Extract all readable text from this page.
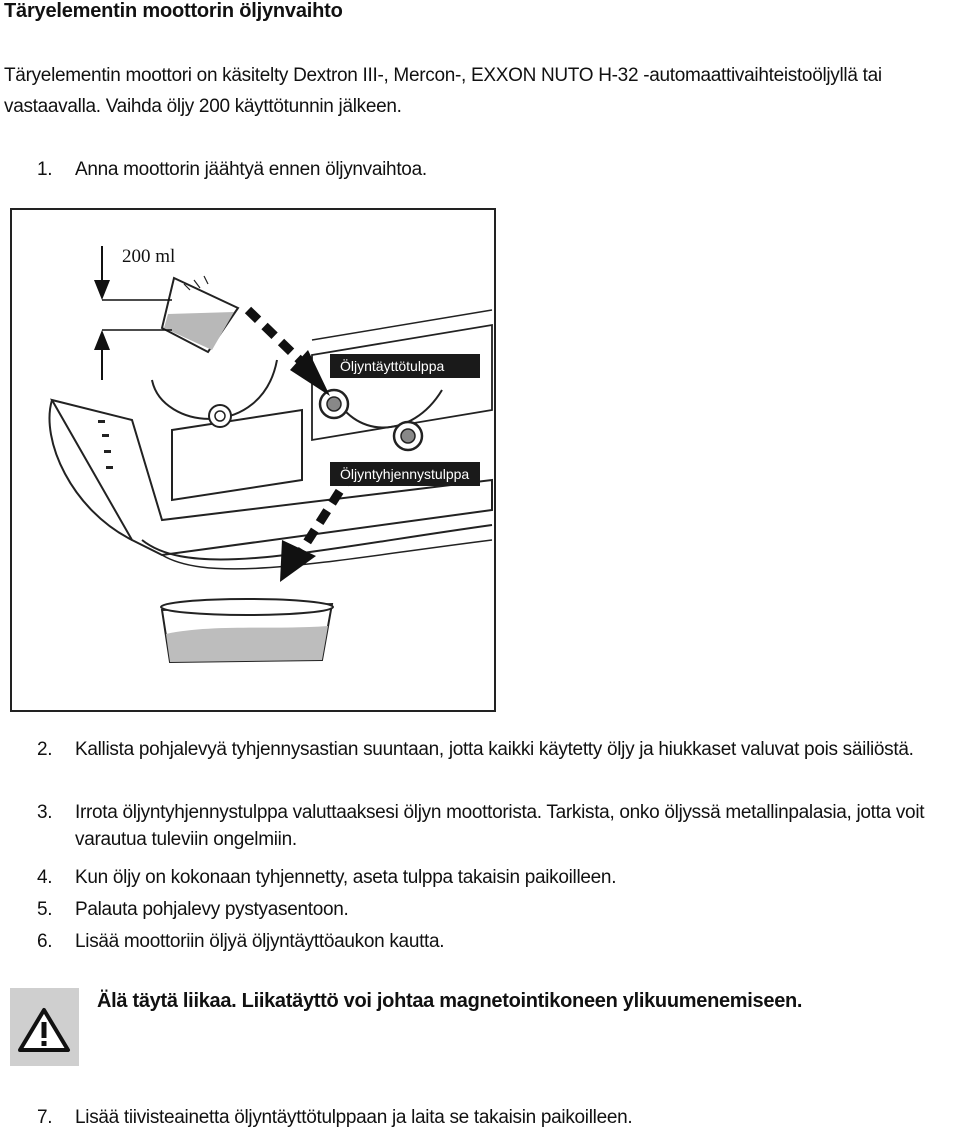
Täryelementin moottorin öljynvaihto
Täryelementin moottori on käsitelty Dextron III-, Mercon-, EXXON NUTO H-32 -automaattivaihteistoöljyllä tai vastaavalla. Vaihda öljy 200 käyttötunnin jälkeen.
1. Anna moottorin jäähtyä ennen öljynvaihtoa.
200 ml
Öljyntäyttötulppa
Öljyntyhjennystulppa
2. Kallista pohjalevyä tyhjennysastian suuntaan, jotta kaikki käytetty öljy ja hiukkaset valuvat pois säiliöstä.
3. Irrota öljyntyhjennystulppa valuttaaksesi öljyn moottorista. Tarkista, onko öljyssä metallinpalasia, jotta voit varautua tuleviin ongelmiin.
4. Kun öljy on kokonaan tyhjennetty, aseta tulppa takaisin paikoilleen.
5. Palauta pohjalevy pystyasentoon.
6. Lisää moottoriin öljyä öljyntäyttöaukon kautta.
Älä täytä liikaa. Liikatäyttö voi johtaa magnetointikoneen ylikuumenemiseen.
7. Lisää tiivisteainetta öljyntäyttötulppaan ja laita se takaisin paikoilleen.
